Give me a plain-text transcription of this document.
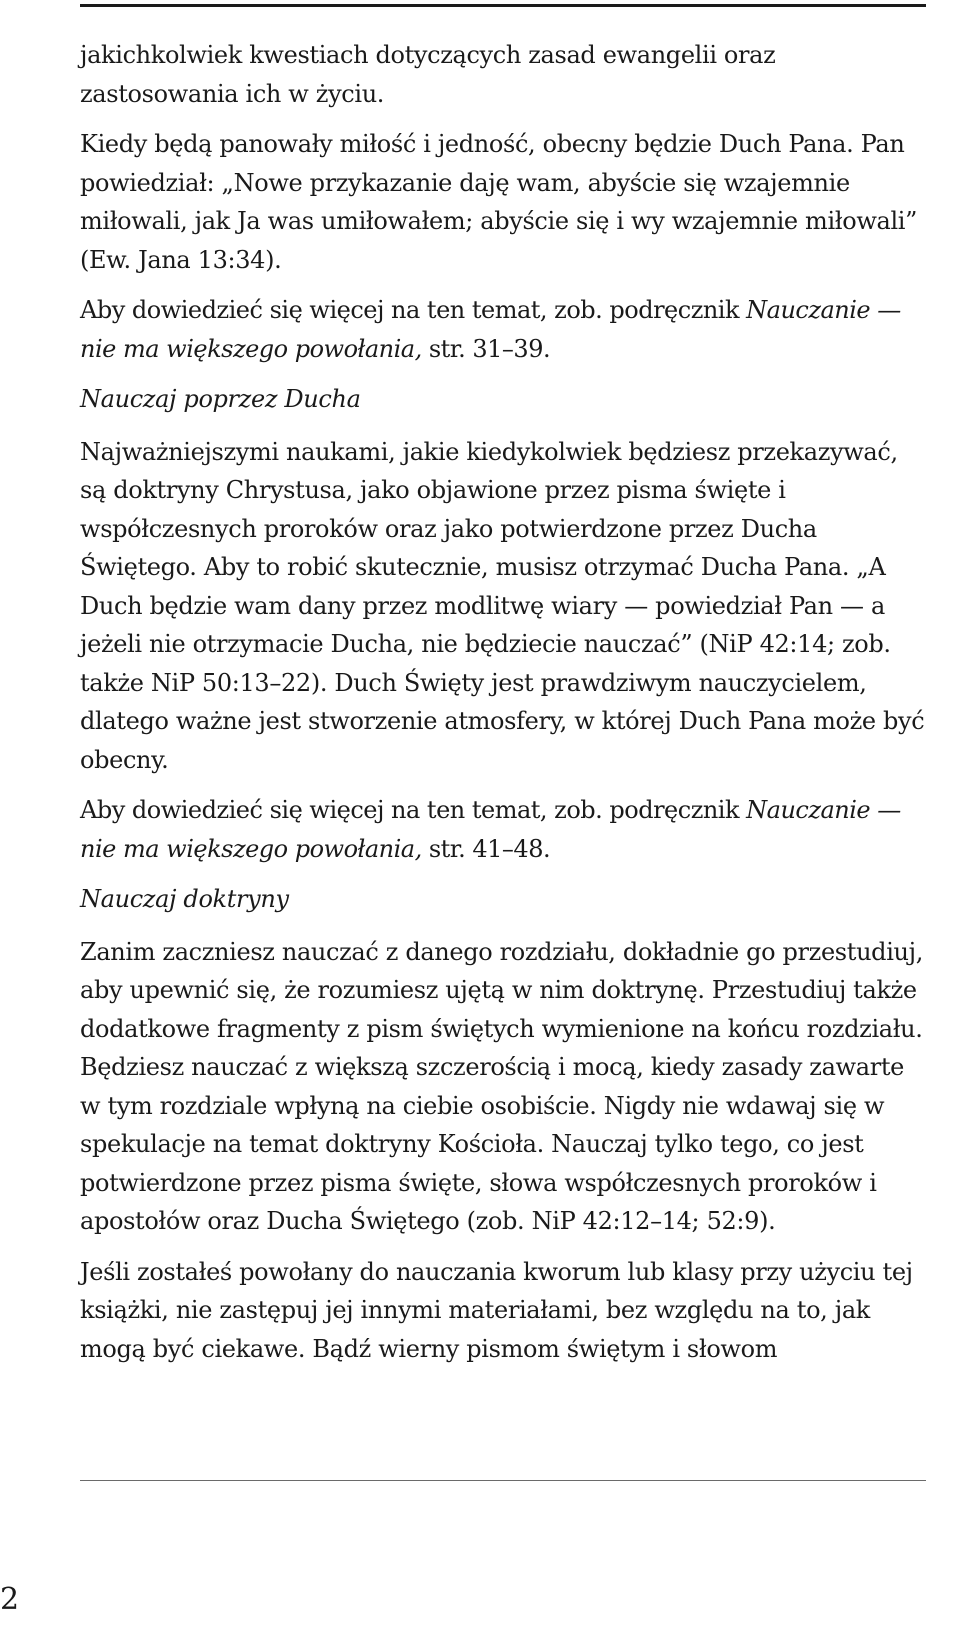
jakichkolwiek kwestiach dotyczących zasad ewangelii oraz zastosowania ich w życiu.

Kiedy będą panowały miłość i jedność, obecny będzie Duch Pana. Pan powiedział: „Nowe przykazanie daję wam, abyście się wzajemnie miłowali, jak Ja was umiłowałem; abyście się i wy wzajemnie miłowali” (Ew. Jana 13:34).

Aby dowiedzieć się więcej na ten temat, zob. podręcznik Nauczanie — nie ma większego powołania, str. 31–39.

Nauczaj poprzez Ducha

Najważniejszymi naukami, jakie kiedykolwiek będziesz przekazywać, są doktryny Chrystusa, jako objawione przez pisma święte i współczesnych proroków oraz jako potwierdzone przez Ducha Świętego. Aby to robić skutecznie, musisz otrzymać Ducha Pana. „A Duch będzie wam dany przez modlitwę wiary — powiedział Pan — a jeżeli nie otrzymacie Ducha, nie będziecie nauczać” (NiP 42:14; zob. także NiP 50:13–22). Duch Święty jest prawdziwym nauczycielem, dlatego ważne jest stworzenie atmosfery, w której Duch Pana może być obecny.

Aby dowiedzieć się więcej na ten temat, zob. podręcznik Nauczanie — nie ma większego powołania, str. 41–48.

Nauczaj doktryny

Zanim zaczniesz nauczać z danego rozdziału, dokładnie go przestudiuj, aby upewnić się, że rozumiesz ujętą w nim doktrynę. Przestudiuj także dodatkowe fragmenty z pism świętych wymienione na końcu rozdziału. Będziesz nauczać z większą szczerością i mocą, kiedy zasady zawarte w tym rozdziale wpłyną na ciebie osobiście. Nigdy nie wdawaj się w spekulacje na temat doktryny Kościoła. Nauczaj tylko tego, co jest potwierdzone przez pisma święte, słowa współczesnych proroków i apostołów oraz Ducha Świętego (zob. NiP 42:12–14; 52:9).

Jeśli zostałeś powołany do nauczania kworum lub klasy przy użyciu tej książki, nie zastępuj jej innymi materiałami, bez względu na to, jak mogą być ciekawe. Bądź wierny pismom świętym i słowom

2
